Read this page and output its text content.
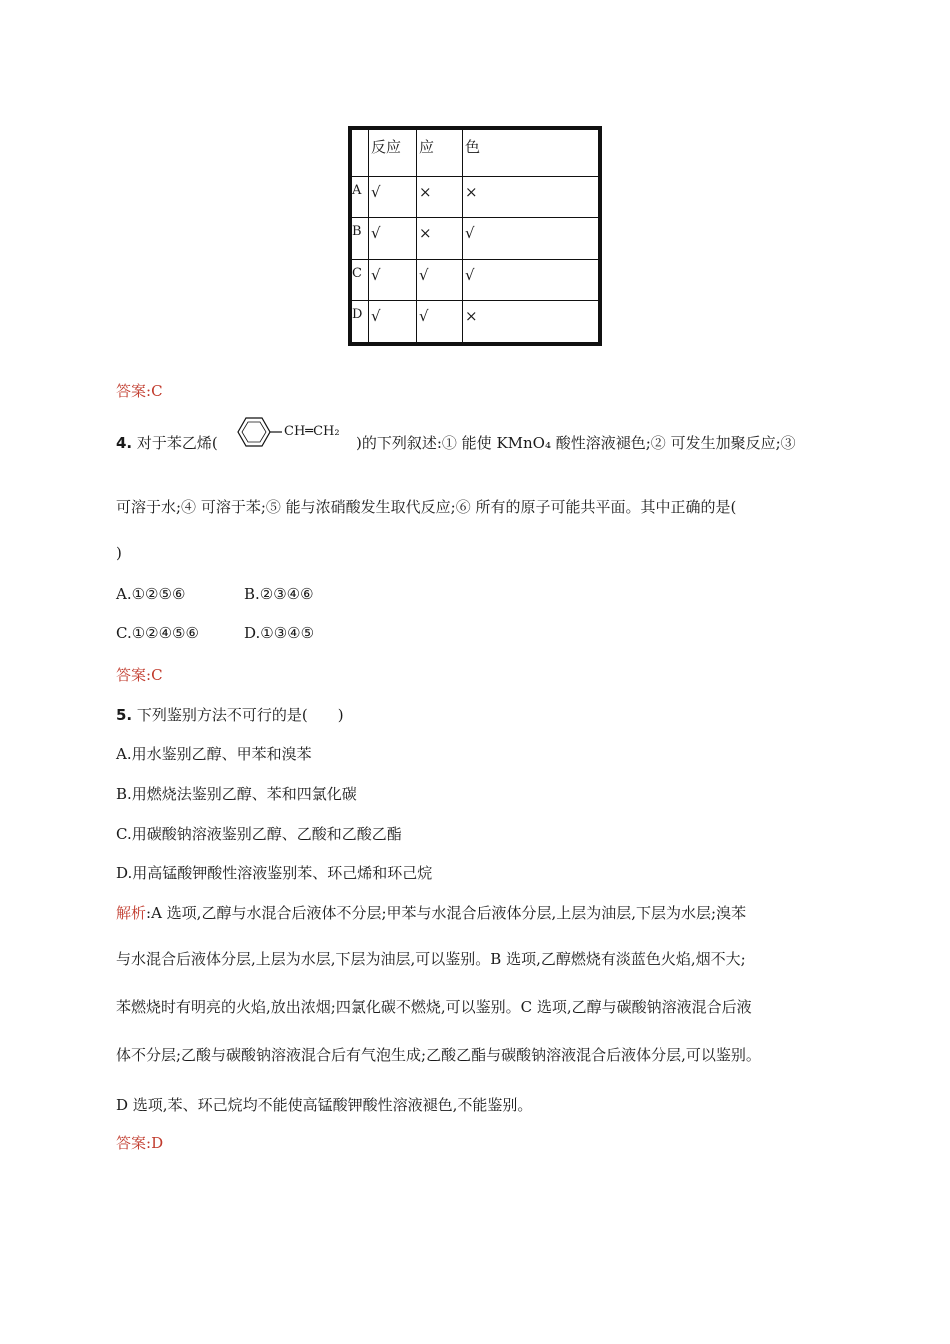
	反应	应	色
A	√	×	×
B	√	×	√
C	√	√	√
D	√	√	×
答案:C
4. 对于苯乙烯(
CH═CH₂
)的下列叙述:① 能使 KMnO₄ 酸性溶液褪色;② 可发生加聚反应;③
可溶于水;④ 可溶于苯;⑤ 能与浓硝酸发生取代反应;⑥ 所有的原子可能共平面。其中正确的是(
)
A.①②⑤⑥	B.②③④⑥
C.①②④⑤⑥	D.①③④⑤
答案:C
5. 下列鉴别方法不可行的是(　　)
A.用水鉴别乙醇、甲苯和溴苯
B.用燃烧法鉴别乙醇、苯和四氯化碳
C.用碳酸钠溶液鉴别乙醇、乙酸和乙酸乙酯
D.用高锰酸钾酸性溶液鉴别苯、环己烯和环己烷
解析:A 选项,乙醇与水混合后液体不分层;甲苯与水混合后液体分层,上层为油层,下层为水层;溴苯
与水混合后液体分层,上层为水层,下层为油层,可以鉴别。B 选项,乙醇燃烧有淡蓝色火焰,烟不大;
苯燃烧时有明亮的火焰,放出浓烟;四氯化碳不燃烧,可以鉴别。C 选项,乙醇与碳酸钠溶液混合后液
体不分层;乙酸与碳酸钠溶液混合后有气泡生成;乙酸乙酯与碳酸钠溶液混合后液体分层,可以鉴别。
D 选项,苯、环己烷均不能使高锰酸钾酸性溶液褪色,不能鉴别。
答案:D
